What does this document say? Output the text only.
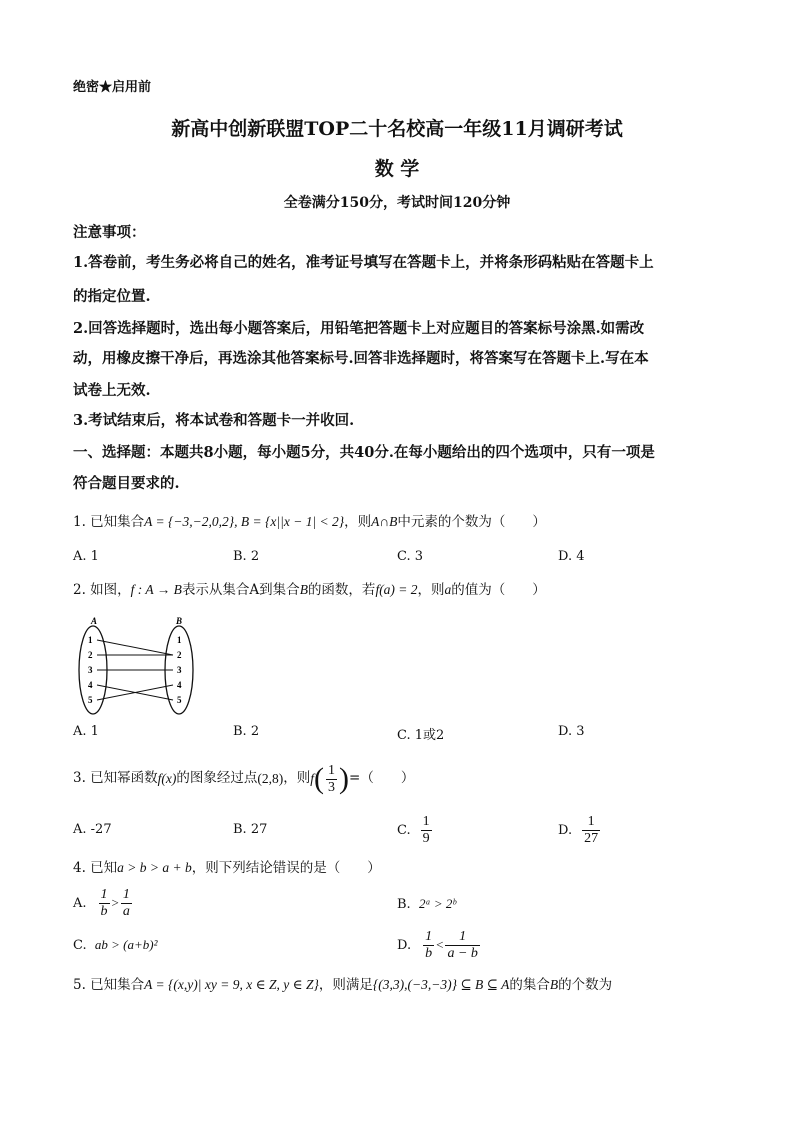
绝密★启用前
新高中创新联盟TOP二十名校高一年级11月调研考试
数 学
全卷满分150分，考试时间120分钟
注意事项：
1.答卷前，考生务必将自己的姓名，准考证号填写在答题卡上，并将条形码粘贴在答题卡上
的指定位置.
2.回答选择题时，选出每小题答案后，用铅笔把答题卡上对应题目的答案标号涂黑.如需改
动，用橡皮擦干净后，再选涂其他答案标号.回答非选择题时，将答案写在答题卡上.写在本
试卷上无效.
3.考试结束后，将本试卷和答题卡一并收回.
一、选择题：本题共8小题，每小题5分，共40分.在每小题给出的四个选项中，只有一项是
符合题目要求的.
1. 已知集合A = {−3,−2,0,2}, B = {x||x − 1| < 2}，则A∩B中元素的个数为（　　）
A. 1	B. 2	C. 3	D. 4
2. 如图，f : A → B表示从集合A到集合B的函数，若f(a) = 2，则a的值为（　　）
A	B
1
2
3
4
5
1
2
3
4
5
A. 1	B. 2	C. 1或2	D. 3
3. 已知幂函数 f(x) 的图象经过点 (2,8) ，则 f ( $\frac{1}{3}$ ) =（　　）
A. -27	B. 27	C. $\frac{1}{9}$	D. $\frac{1}{27}$
4. 已知a > b > a + b，则下列结论错误的是（　　）
A. $\frac{1}{b} > \frac{1}{a}$	B. 2ᵃ > 2ᵇ
C. ab > (a+b)²	D. $\frac{1}{b} < \frac{1}{a - b}$
5. 已知集合A = {(x,y)| xy = 9, x ∈ Z, y ∈ Z}，则满足{(3,3),(−3,−3)} ⊆ B ⊆ A的集合B的个数为
